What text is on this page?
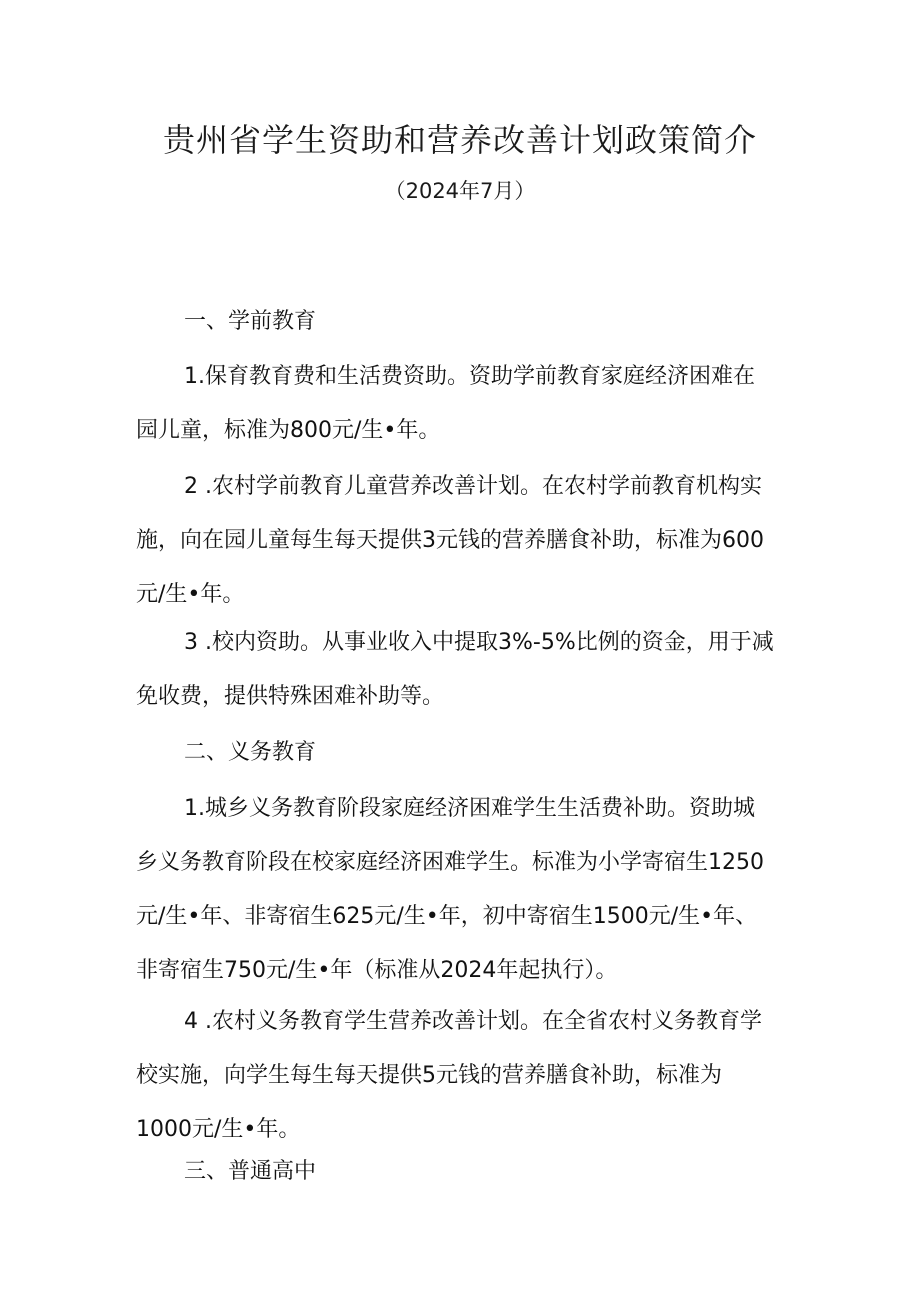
贵州省学生资助和营养改善计划政策简介
（2024年7月）
一、学前教育
1.保育教育费和生活费资助。资助学前教育家庭经济困难在园儿童，标准为800元/生•年。
2 .农村学前教育儿童营养改善计划。在农村学前教育机构实施，向在园儿童每生每天提供3元钱的营养膳食补助，标准为600元/生•年。
3 .校内资助。从事业收入中提取3%-5%比例的资金，用于减免收费，提供特殊困难补助等。
二、义务教育
1.城乡义务教育阶段家庭经济困难学生生活费补助。资助城乡义务教育阶段在校家庭经济困难学生。标准为小学寄宿生1250元/生•年、非寄宿生625元/生•年，初中寄宿生1500元/生•年、非寄宿生750元/生•年（标准从2024年起执行）。
4 .农村义务教育学生营养改善计划。在全省农村义务教育学校实施，向学生每生每天提供5元钱的营养膳食补助，标准为1000元/生•年。
三、普通高中
